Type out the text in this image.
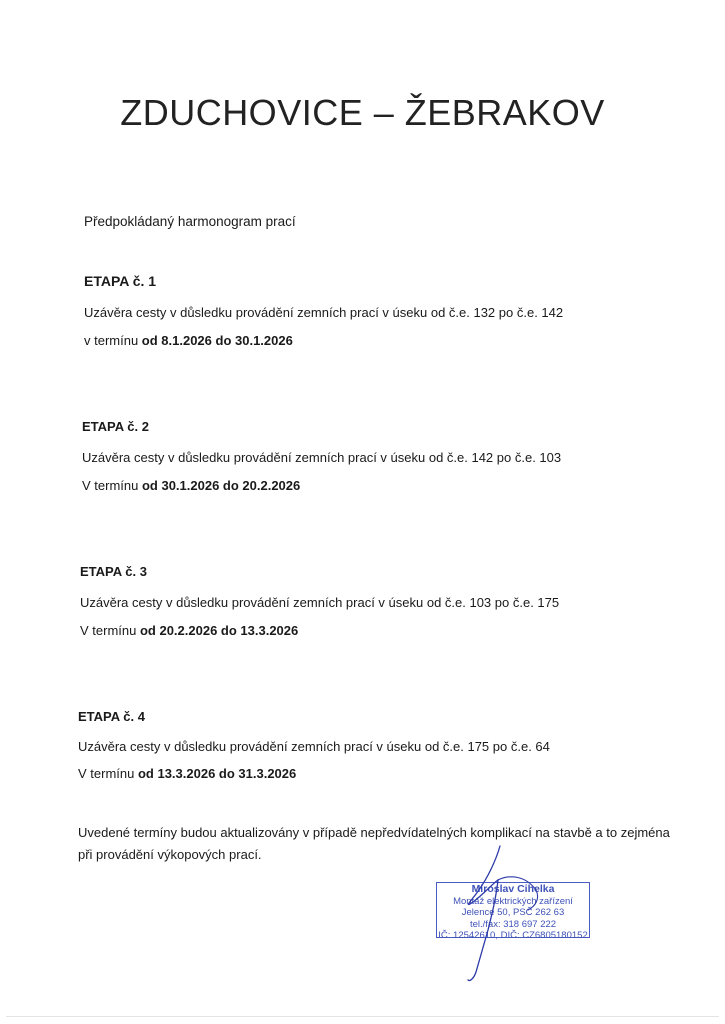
ZDUCHOVICE – ŽEBRAKOV
Předpokládaný harmonogram prací
ETAPA č. 1
Uzávěra cesty v důsledku provádění zemních prací v úseku od č.e. 132 po č.e. 142
v termínu od 8.1.2026 do 30.1.2026
ETAPA č. 2
Uzávěra cesty v důsledku provádění zemních prací v úseku od č.e. 142 po č.e. 103
V termínu od 30.1.2026 do 20.2.2026
ETAPA č. 3
Uzávěra cesty v důsledku provádění zemních prací v úseku od č.e. 103 po č.e. 175
V termínu od 20.2.2026 do 13.3.2026
ETAPA č. 4
Uzávěra cesty v důsledku provádění zemních prací v úseku od č.e. 175 po č.e. 64
V termínu od 13.3.2026 do 31.3.2026
Uvedené termíny budou aktualizovány v případě nepředvídatelných komplikací na stavbě a to zejména při provádění výkopových prací.
Miroslav Cihelka
Montáž elektrických zařízení
Jelence 50, PSČ 262 63
tel./fax: 318 697 222
IČ: 12542610, DIČ: CZ6805180152
